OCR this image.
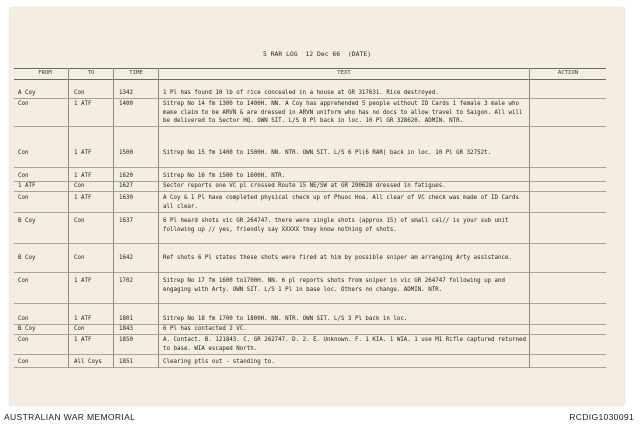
5 RAR LOG 12 Dec 66 (DATE)
FROM	TO	TIME	TEXT	ACTION
A Coy	Con	1342	1 Pl has found 10 lb of rice concealed in a house at GR 317631. Rice destroyed.
Con	1 ATF	1400	Sitrep No 14 fm 1300 to 1400H. NN. A Coy has apprehended 5 people without ID Cards 1 female 3 male who make claim to be ARVN & are dressed in ARVN uniform who has no docs to allow travel to Saigon. All will be delivered to Sector HQ. OWN SIT. L/S 8 Pl back in loc. 10 Pl GR 328620. ADMIN. NTR.
Con	1 ATF	1500	Sitrep No 15 fm 1400 to 1500H. NN. NTR. OWN SIT. L/S 6 Pl(6 RAR) back in loc. 10 Pl GR 32752t.
Con	1 ATF	1620	Sitrep No 16 fm 1500 to 1600H. NTR.
1 ATF	Con	1627	Sector reports one VC pl crossed Route 15 NE/SW at GR 290628 dressed in fatigues.
Con	1 ATF	1630	A Coy & 1 Pl have completed physical check up of Phuoc Hoa. All clear of VC check was made of ID Cards all clear.
B Coy	Con	1637	6 Pl heard shots vic GR 264747. there were single shots (approx 15) of small cal// is your sub unit following up // yes, friendly say XXXXX they know nothing of shots.
B Coy	Con	1642	Ref shots 6 Pl states these shots were fired at him by possible sniper am arranging Arty assistance.
Con	1 ATF	1702	Sitrep No 17 fm 1600 to1700H. NN. 6 pl reports shots from sniper in vic GR 264747 following up and engaging with Arty. OWN SIT. L/S 1 Pl in base loc. Others no change. ADMIN. NTR.
Con	1 ATF	1801	Sitrep No 18 fm 1700 to 1800H. NN. NTR. OWN SIT. L/S 3 Pl back in loc.
B Coy	Con	1843	6 Pl has contacted 2 VC.
Con	1 ATF	1850	A. Contact. B. 121843. C. GR 262747. D. 2. E. Unknown. F. 1 KIA. 1 WIA. 1 use M1 Rifle captured returned to base. WIA escaped North.
Con	All Coys	1851	Clearing ptls out - standing to.
AUSTRALIAN WAR MEMORIAL	RCDIG1030091
